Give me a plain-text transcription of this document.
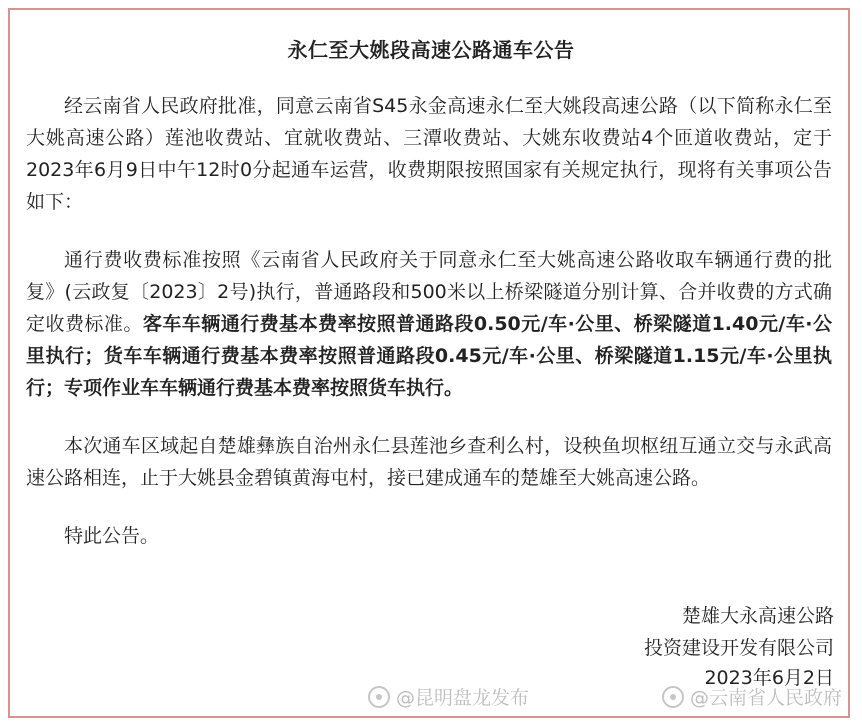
永仁至大姚段高速公路通车公告

经云南省人民政府批准，同意云南省S45永金高速永仁至大姚段高速公路（以下简称永仁至大姚高速公路）莲池收费站、宜就收费站、三潭收费站、大姚东收费站4个匝道收费站，定于2023年6月9日中午12时0分起通车运营，收费期限按照国家有关规定执行，现将有关事项公告如下：

通行费收费标准按照《云南省人民政府关于同意永仁至大姚高速公路收取车辆通行费的批复》(云政复〔2023〕2号)执行，普通路段和500米以上桥梁隧道分别计算、合并收费的方式确定收费标准。客车车辆通行费基本费率按照普通路段0.50元/车·公里、桥梁隧道1.40元/车·公里执行；货车车辆通行费基本费率按照普通路段0.45元/车·公里、桥梁隧道1.15元/车·公里执行；专项作业车车辆通行费基本费率按照货车执行。

本次通车区域起自楚雄彝族自治州永仁县莲池乡查利么村，设秧鱼坝枢纽互通立交与永武高速公路相连，止于大姚县金碧镇黄海屯村，接已建成通车的楚雄至大姚高速公路。

特此公告。

楚雄大永高速公路
投资建设开发有限公司
2023年6月2日
@昆明盘龙发布	@云南省人民政府
